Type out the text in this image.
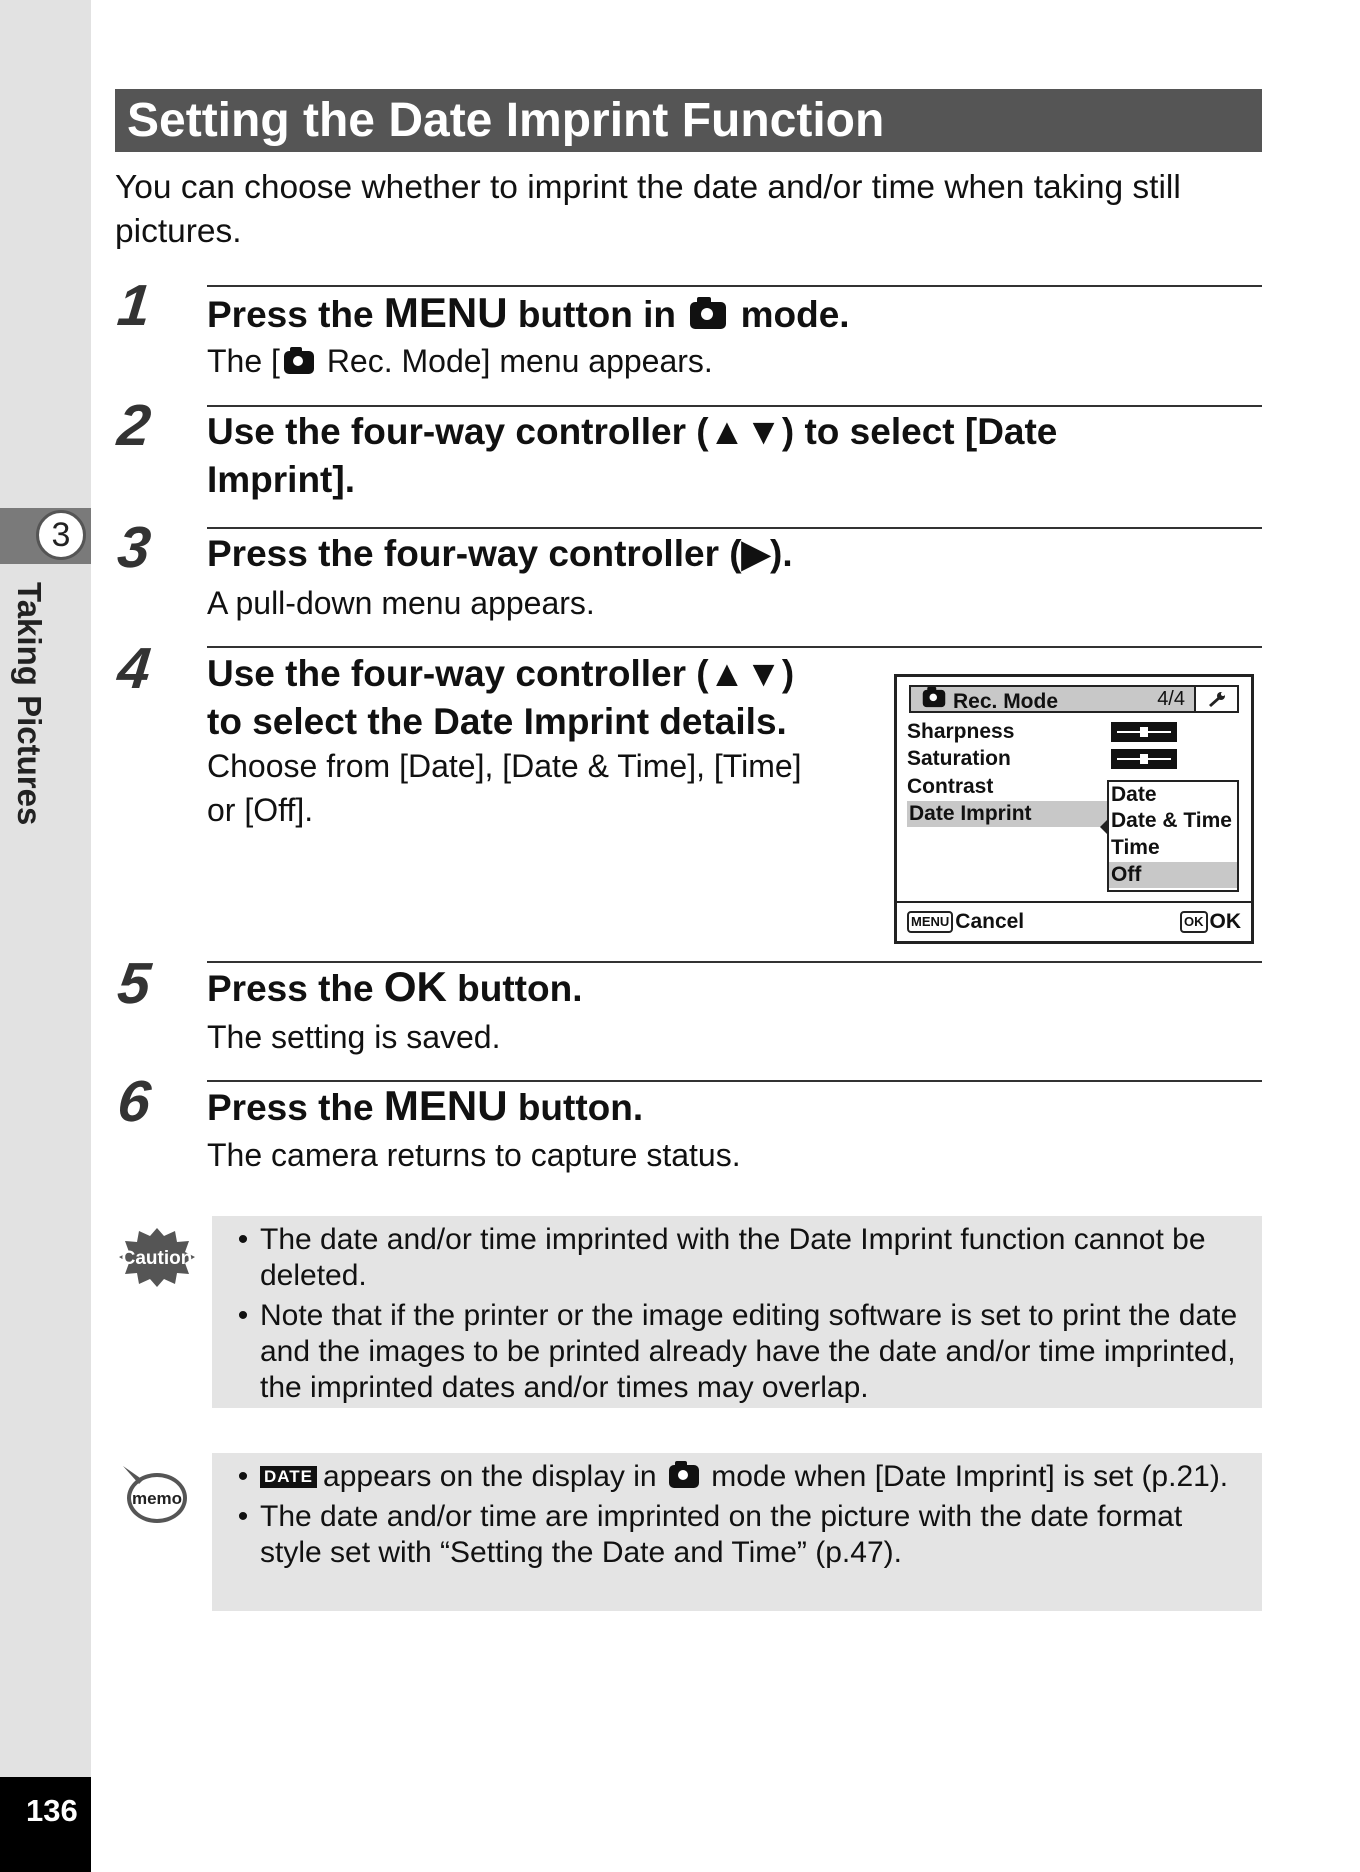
3
Taking Pictures
136
Setting the Date Imprint Function
You can choose whether to imprint the date and/or time when taking still pictures.
1 Press the MENU button in  mode.
The [ Rec. Mode] menu appears.
2 Use the four-way controller (▲▼) to select [Date
Imprint].
3 Press the four-way controller (▶).
A pull-down menu appears.
4 Use the four-way controller (▲▼)
to select the Date Imprint details.
Choose from [Date], [Date & Time], [Time]
or [Off].
Rec. Mode	4/4
Sharpness
Saturation
Contrast
Date Imprint
Date
Date & Time
Time
Off
MENU Cancel	OK OK
5 Press the OK button.
The setting is saved.
6 Press the MENU button.
The camera returns to capture status.
Caution
• The date and/or time imprinted with the Date Imprint function cannot be deleted.
• Note that if the printer or the image editing software is set to print the date and the images to be printed already have the date and/or time imprinted, the imprinted dates and/or times may overlap.
memo
• DATE appears on the display in  mode when [Date Imprint] is set (p.21).
• The date and/or time are imprinted on the picture with the date format style set with “Setting the Date and Time” (p.47).
